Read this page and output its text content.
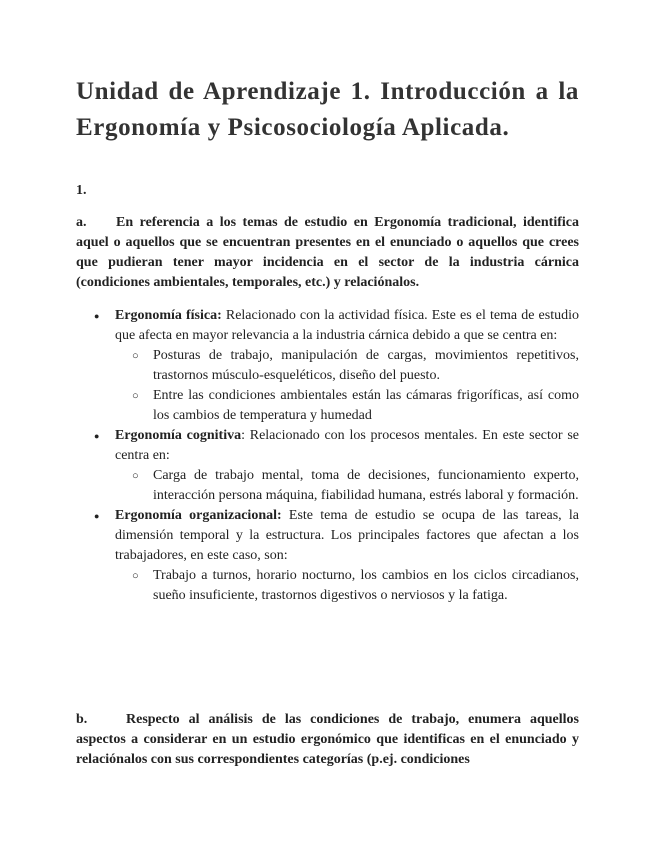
Unidad de Aprendizaje 1. Introducción a la Ergonomía y Psicosociología Aplicada.

1.

a. En referencia a los temas de estudio en Ergonomía tradicional, identifica aquel o aquellos que se encuentran presentes en el enunciado o aquellos que crees que pudieran tener mayor incidencia en el sector de la industria cárnica (condiciones ambientales, temporales, etc.) y relaciónalos.

● Ergonomía física: Relacionado con la actividad física. Este es el tema de estudio que afecta en mayor relevancia a la industria cárnica debido a que se centra en:
○ Posturas de trabajo, manipulación de cargas, movimientos repetitivos, trastornos músculo-esqueléticos, diseño del puesto.
○ Entre las condiciones ambientales están las cámaras frigoríficas, así como los cambios de temperatura y humedad
● Ergonomía cognitiva: Relacionado con los procesos mentales. En este sector se centra en:
○ Carga de trabajo mental, toma de decisiones, funcionamiento experto, interacción persona máquina, fiabilidad humana, estrés laboral y formación.
● Ergonomía organizacional: Este tema de estudio se ocupa de las tareas, la dimensión temporal y la estructura. Los principales factores que afectan a los trabajadores, en este caso, son:
○ Trabajo a turnos, horario nocturno, los cambios en los ciclos circadianos, sueño insuficiente, trastornos digestivos o nerviosos y la fatiga.

b.	Respecto al análisis de las condiciones de trabajo, enumera aquellos aspectos a considerar en un estudio ergonómico que identificas en el enunciado y relaciónalos con sus correspondientes categorías (p.ej. condiciones
